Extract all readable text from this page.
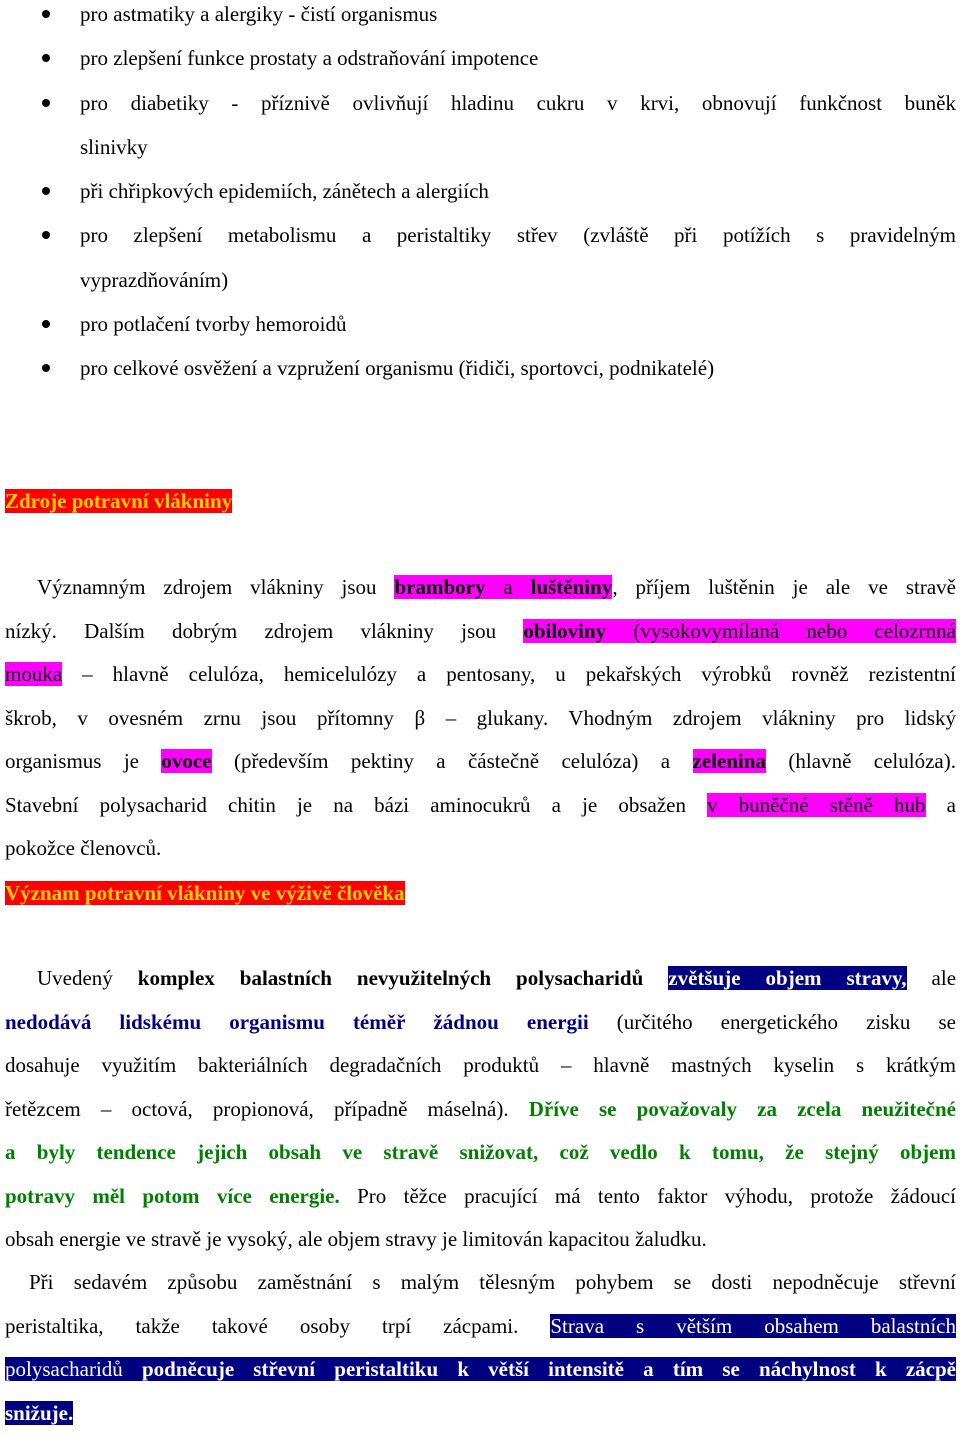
pro astmatiky a alergiky - čistí organismus
pro zlepšení funkce prostaty a odstraňování impotence
pro diabetiky - příznivě ovlivňují hladinu cukru v krvi, obnovují funkčnost buněk
slinivky
při chřipkových epidemiích, zánětech a alergiích
pro zlepšení metabolismu a peristaltiky střev (zvláště při potížích s pravidelným
vyprazdňováním)
pro potlačení tvorby hemoroidů
pro celkové osvěžení a vzpružení organismu (řidiči, sportovci, podnikatelé)
Zdroje potravní vlákniny
Významným zdrojem vlákniny jsou brambory a luštěniny, příjem luštěnin je ale ve stravě
nízký. Dalším dobrým zdrojem vlákniny jsou obiloviny (vysokovymílaná nebo celozrnná
mouka – hlavně celulóza, hemicelulózy a pentosany, u pekařských výrobků rovněž rezistentní
škrob, v ovesném zrnu jsou přítomny β – glukany. Vhodným zdrojem vlákniny pro lidský
organismus je ovoce (především pektiny a částečně celulóza) a zelenina (hlavně celulóza).
Stavební polysacharid chitin je na bázi aminocukrů a je obsažen v buněčné stěně hub a
pokožce členovců.
Význam potravní vlákniny ve výživě člověka
Uvedený komplex balastních nevyužitelných polysacharidů zvětšuje objem stravy, ale
nedodává lidskému organismu téměř žádnou energii (určitého energetického zisku se
dosahuje využitím bakteriálních degradačních produktů – hlavně mastných kyselin s krátkým
řetězcem – octová, propionová, případně máselná). Dříve se považovaly za zcela neužitečné
a byly tendence jejich obsah ve stravě snižovat, což vedlo k tomu, že stejný objem
potravy měl potom více energie. Pro těžce pracující má tento faktor výhodu, protože žádoucí
obsah energie ve stravě je vysoký, ale objem stravy je limitován kapacitou žaludku.
Při sedavém způsobu zaměstnání s malým tělesným pohybem se dosti nepodněcuje střevní
peristaltika, takže takové osoby trpí zácpami. Strava s větším obsahem balastních
polysacharidů podněcuje střevní peristaltiku k větší intensitě a tím se náchylnost k zácpě
snižuje.
